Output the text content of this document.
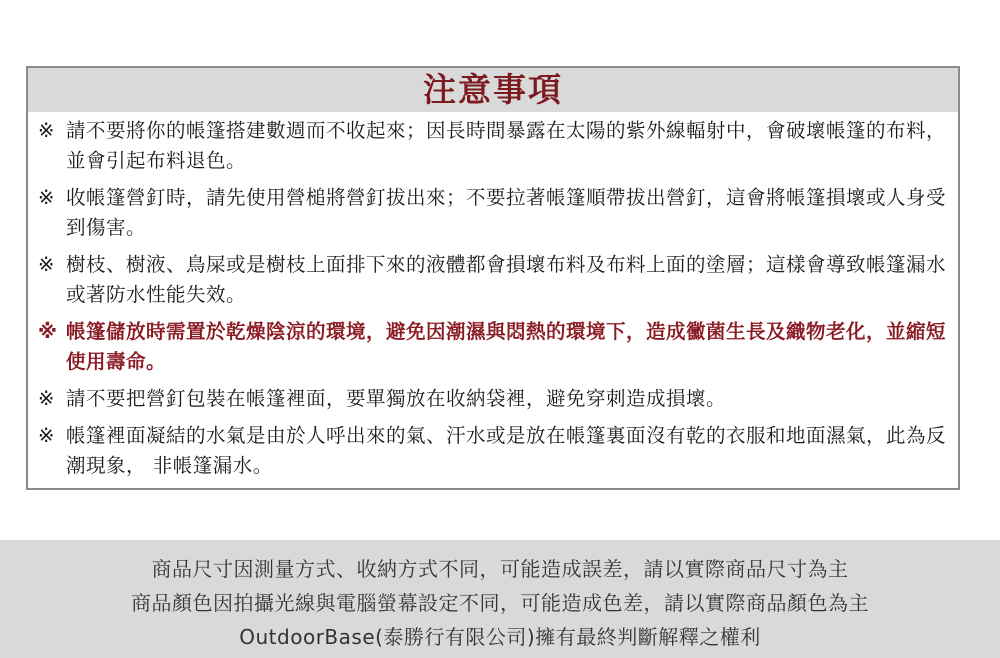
注意事項
※ 請不要將你的帳篷搭建數週而不收起來；因長時間暴露在太陽的紫外線輻射中，會破壞帳篷的布料，並會引起布料退色。
※ 收帳篷營釘時，請先使用營槌將營釘拔出來；不要拉著帳篷順帶拔出營釘，這會將帳篷損壞或人身受到傷害。
※ 樹枝、樹液、鳥屎或是樹枝上面排下來的液體都會損壞布料及布料上面的塗層；這樣會導致帳篷漏水或著防水性能失效。
※ 帳篷儲放時需置於乾燥陰涼的環境，避免因潮濕與悶熱的環境下，造成黴菌生長及織物老化，並縮短使用壽命。
※ 請不要把營釘包裝在帳篷裡面，要單獨放在收納袋裡，避免穿刺造成損壞。
※ 帳篷裡面凝結的水氣是由於人呼出來的氣、汗水或是放在帳篷裏面沒有乾的衣服和地面濕氣，此為反潮現象， 非帳篷漏水。
商品尺寸因測量方式、收納方式不同，可能造成誤差，請以實際商品尺寸為主
商品顏色因拍攝光線與電腦螢幕設定不同，可能造成色差，請以實際商品顏色為主
OutdoorBase(泰勝行有限公司)擁有最終判斷解釋之權利
